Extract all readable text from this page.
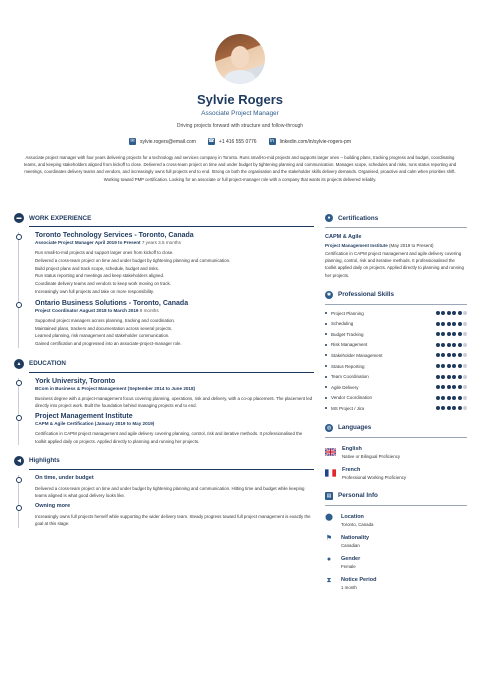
Sylvie Rogers
Associate Project Manager
Driving projects forward with structure and follow-through
✉ sylvie.rogers@email.com ☎ +1 416 555 0776	in	linkedin.com/in/sylvie-rogers-pm
Associate project manager with four years delivering projects for a technology and services company in Toronto. Runs small-to-mid projects and supports larger ones -- building plans, tracking progress and budget, coordinating teams, and keeping stakeholders aligned from kickoff to close. Delivered a cross-team project on time and under budget by tightening planning and communication. Manages scope, schedules and risks, runs status reporting and meetings, coordinates delivery teams and vendors, and increasingly owns full projects end to end. Strong on both the organisation and the stakeholder skills delivery demands. Organised, proactive and calm when priorities shift. Working toward PMP certification. Looking for an associate or full project-manager role with a company that wants its projects delivered reliably.
▬	WORK EXPERIENCE
Toronto Technology Services - Toronto, Canada
Associate Project Manager April 2019 to Present 7 years 3.5 months
Run small-to-mid projects and support larger ones from kickoff to close.
Delivered a cross-team project on time and under budget by tightening planning and communication.
Build project plans and track scope, schedule, budget and risks.
Run status reporting and meetings and keep stakeholders aligned.
Coordinate delivery teams and vendors to keep work moving on track.
Increasingly own full projects and take on more responsibility.
Ontario Business Solutions - Toronto, Canada
Project Coordinator August 2018 to March 2019 8 months
Supported project managers across planning, tracking and coordination.
Maintained plans, trackers and documentation across several projects.
Learned planning, risk management and stakeholder communication.
Gained certification and progressed into an associate-project-manager role.
▲	EDUCATION
York University, Toronto
BCom in Business & Project Management (September 2014 to June 2018)
Business degree with a project-management focus covering planning, operations, risk and delivery, with a co-op placement. The placement led directly into project work. Built the foundation behind managing projects end to end.
Project Management Institute
CAPM & Agile Certification (January 2019 to May 2019)
Certification in CAPM project management and agile delivery covering planning, control, risk and iterative methods. It professionalised the toolkit applied daily on projects. Applied directly to planning and running her projects.
◀	Highlights
On time, under budget
Delivered a cross-team project on time and under budget by tightening planning and communication. Hitting time and budget while keeping teams aligned is what good delivery looks like.
Owning more
Increasingly owns full projects herself while supporting the wider delivery team. Steady progress toward full project management is exactly the goal at this stage.
●	Certifications
CAPM & Agile
Project Management Institute (May 2019 to Present)
Certification in CAPM project management and agile delivery covering planning, control, risk and iterative methods. It professionalised the toolkit applied daily on projects. Applied directly to planning and running her projects.
✱	Professional Skills
Project Planning
Scheduling
Budget Tracking
Risk Management
Stakeholder Management
Status Reporting
Team Coordination
Agile Delivery
Vendor Coordination
MS Project / Jira
◍ Languages
English
Native or Bilingual Proficiency
French
Professional Working Proficiency
▤ Personal Info
⬤ Location
Toronto, Canada
⚑ Nationality
Canadian
●	Gender
Female
⧗ Notice Period
1 month
